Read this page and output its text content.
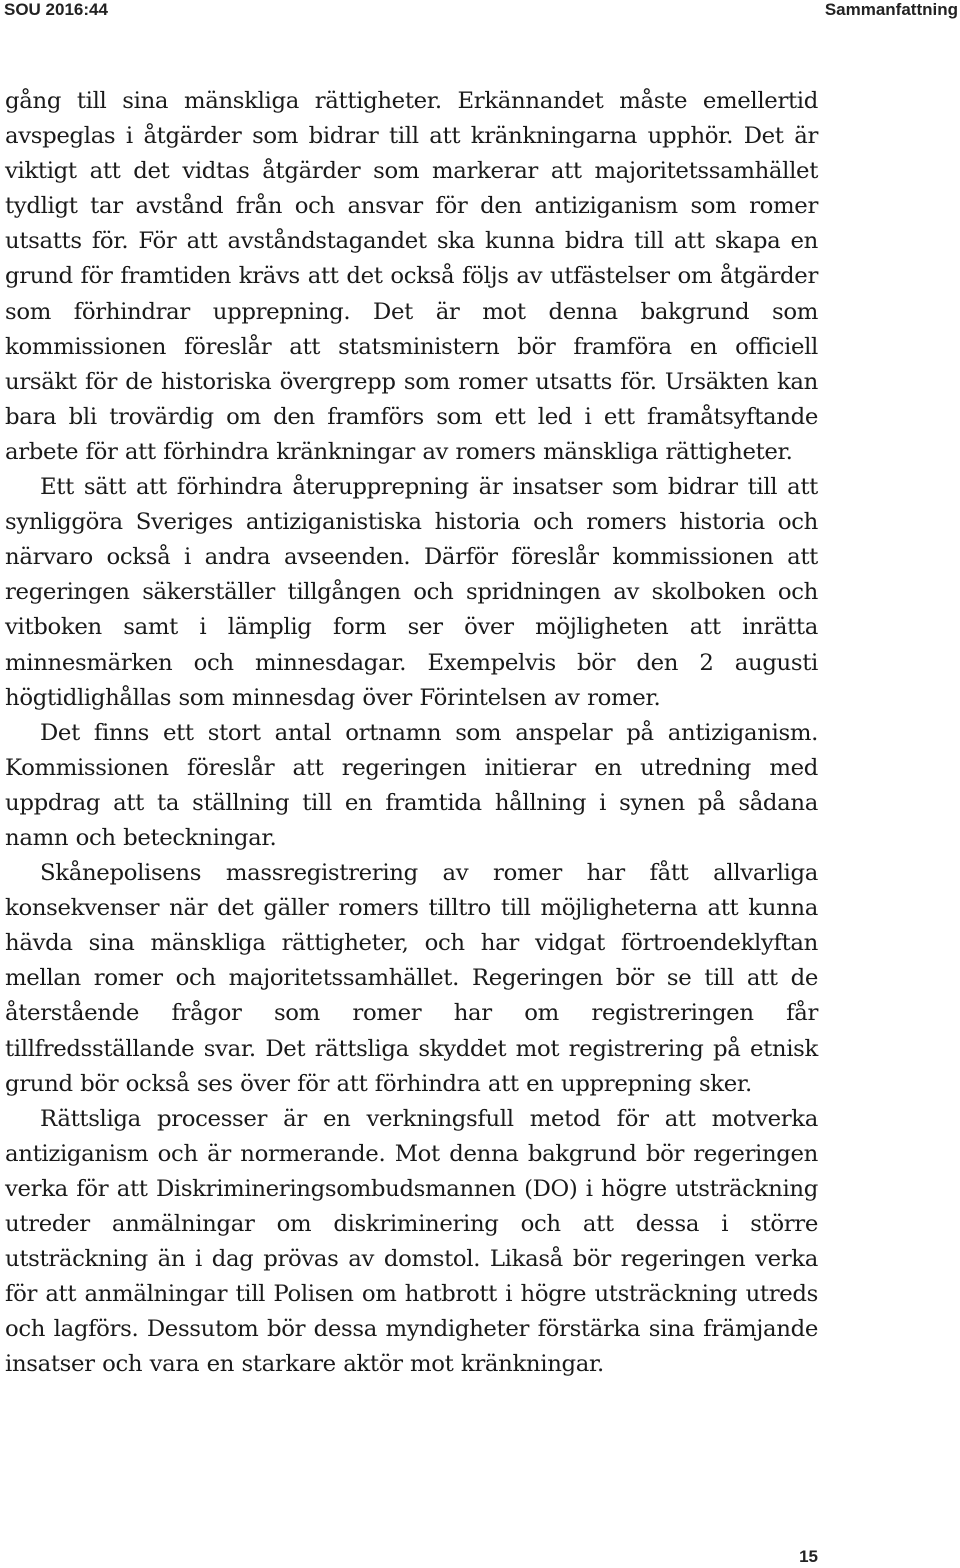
SOU 2016:44	Sammanfattning

gång till sina mänskliga rättigheter. Erkännandet måste emellertid avspeglas i åtgärder som bidrar till att kränkningarna upphör. Det är viktigt att det vidtas åtgärder som markerar att majoritetssamhället tydligt tar avstånd från och ansvar för den antiziganism som romer utsatts för. För att avståndstagandet ska kunna bidra till att skapa en grund för framtiden krävs att det också följs av utfästelser om åtgärder som förhindrar upprepning. Det är mot denna bakgrund som kommissionen föreslår att statsministern bör framföra en officiell ursäkt för de historiska övergrepp som romer utsatts för. Ursäkten kan bara bli trovärdig om den framförs som ett led i ett framåtsyftande arbete för att förhindra kränkningar av romers mänskliga rättigheter.

Ett sätt att förhindra återupprepning är insatser som bidrar till att synliggöra Sveriges antiziganistiska historia och romers historia och närvaro också i andra avseenden. Därför föreslår kommissionen att regeringen säkerställer tillgången och spridningen av skolboken och vitboken samt i lämplig form ser över möjligheten att inrätta minnesmärken och minnesdagar. Exempelvis bör den 2 augusti högtidlighållas som minnesdag över Förintelsen av romer.

Det finns ett stort antal ortnamn som anspelar på antiziganism. Kommissionen föreslår att regeringen initierar en utredning med uppdrag att ta ställning till en framtida hållning i synen på sådana namn och beteckningar.

Skånepolisens massregistrering av romer har fått allvarliga konsekvenser när det gäller romers tilltro till möjligheterna att kunna hävda sina mänskliga rättigheter, och har vidgat förtroendeklyftan mellan romer och majoritetssamhället. Regeringen bör se till att de återstående frågor som romer har om registreringen får tillfredsställande svar. Det rättsliga skyddet mot registrering på etnisk grund bör också ses över för att förhindra att en upprepning sker.

Rättsliga processer är en verkningsfull metod för att motverka antiziganism och är normerande. Mot denna bakgrund bör regeringen verka för att Diskrimineringsombudsmannen (DO) i högre utsträckning utreder anmälningar om diskriminering och att dessa i större utsträckning än i dag prövas av domstol. Likaså bör regeringen verka för att anmälningar till Polisen om hatbrott i högre utsträckning utreds och lagförs. Dessutom bör dessa myndigheter förstärka sina främjande insatser och vara en starkare aktör mot kränkningar.

15
